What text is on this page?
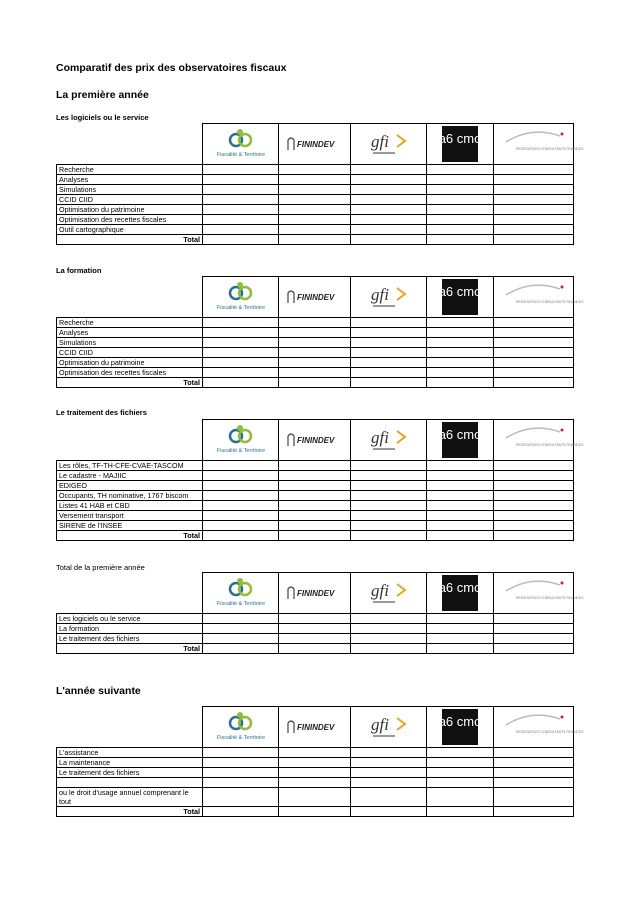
Comparatif des prix des observatoires fiscaux
La première année
Les logiciels ou le service
La formation
Le traitement des fichiers
Total de la première année
L'année suivante

Fiscalité & Territoire	FININDEV	gfi	a6 cmo	RESSOURCES CONSULTANTS FINANCES

Recherche					
Analyses					
Simulations					
CCID CIID					
Optimisation du patrimoine					
Optimisation des recettes fiscales					
Outil cartographique					
Total					

Fiscalité & Territoire	FININDEV	gfi	a6 cmo	RESSOURCES CONSULTANTS FINANCES

Recherche					
Analyses					
Simulations					
CCID CIID					
Optimisation du patrimoine					
Optimisation des recettes fiscales					
Total					

Fiscalité & Territoire	FININDEV	gfi	a6 cmo	RESSOURCES CONSULTANTS FINANCES

Les rôles, TF-TH-CFE-CVAE-TASCOM					
Le cadastre - MAJIIC					
EDIGEO					
Occupants, TH nominative, 1767 biscom					
Listes 41 HAB et CBD					
Versement transport					
SIRENE de l'INSEE					
Total					

Fiscalité & Territoire	FININDEV	gfi	a6 cmo	RESSOURCES CONSULTANTS FINANCES

Les logiciels ou le service					
La formation					
Le traitement des fichiers					
Total					

Fiscalité & Territoire	FININDEV	gfi	a6 cmo	RESSOURCES CONSULTANTS FINANCES

L'assistance					
La maintenance					
Le traitement des fichiers					

ou le droit d'usage annuel comprenant le tout					
Total					
